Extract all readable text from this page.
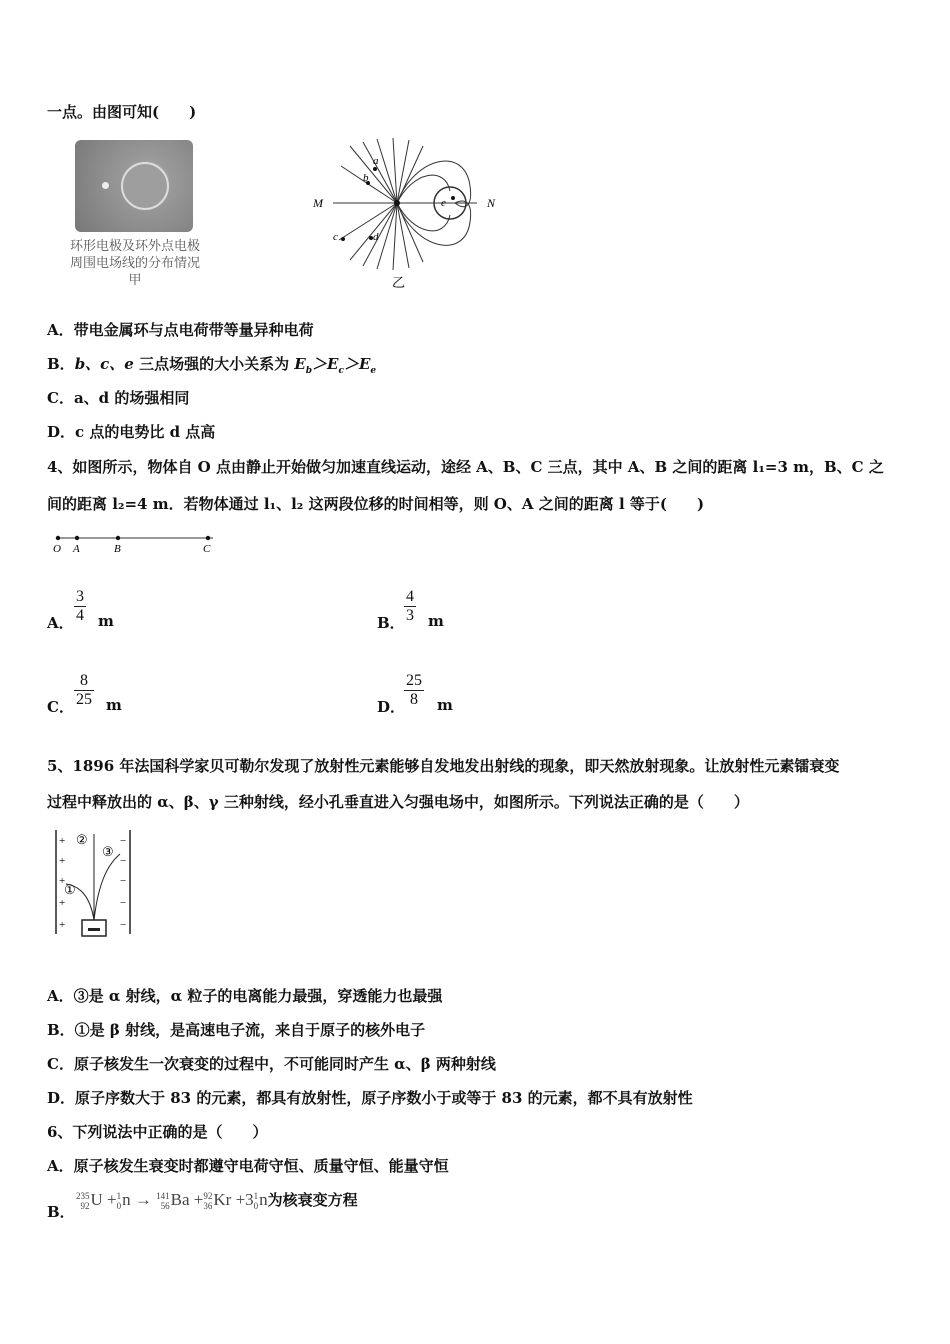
一点。由图可知(　　)
环形电极及环外点电极
周围电场线的分布情况
甲
M	N
a
b
c	d
e
乙
A．带电金属环与点电荷带等量异种电荷
B．b、c、e 三点场强的大小关系为 $E_b>E_c>E_e$
C．a、d 的场强相同
D．c 点的电势比 d 点高
4、如图所示，物体自 O 点由静止开始做匀加速直线运动，途经 A、B、C 三点，其中 A、B 之间的距离 l₁=3 m，B、C 之
间的距离 l₂=4 m．若物体通过 l₁、l₂ 这两段位移的时间相等，则 O、A 之间的距离 l 等于(　　)
O A	B	C
A． $\frac{3}{4}$ m	B． $\frac{4}{3}$ m
C． $\frac{8}{25}$ m	D．
$\frac{25}{8}$ m
5、1896 年法国科学家贝可勒尔发现了放射性元素能够自发地发出射线的现象，即天然放射现象。让放射性元素镭衰变
过程中释放出的 α、β、γ 三种射线，经小孔垂直进入匀强电场中，如图所示。下列说法正确的是（　　）
+
+
+
+
+
−
−
−
−
−
①
②
③
A．③是 α 射线，α 粒子的电离能力最强，穿透能力也最强
B．①是 β 射线，是高速电子流，来自于原子的核外电子
C．原子核发生一次衰变的过程中，不可能同时产生 α、β 两种射线
D．原子序数大于 83 的元素，都具有放射性，原子序数小于或等于 83 的元素，都不具有放射性
6、下列说法中正确的是（　　）
A．原子核发生衰变时都遵守电荷守恒、质量守恒、能量守恒
B．
235
92U +1
0n → 141
56Ba +92
36Kr +31
0n为核衰变方程
